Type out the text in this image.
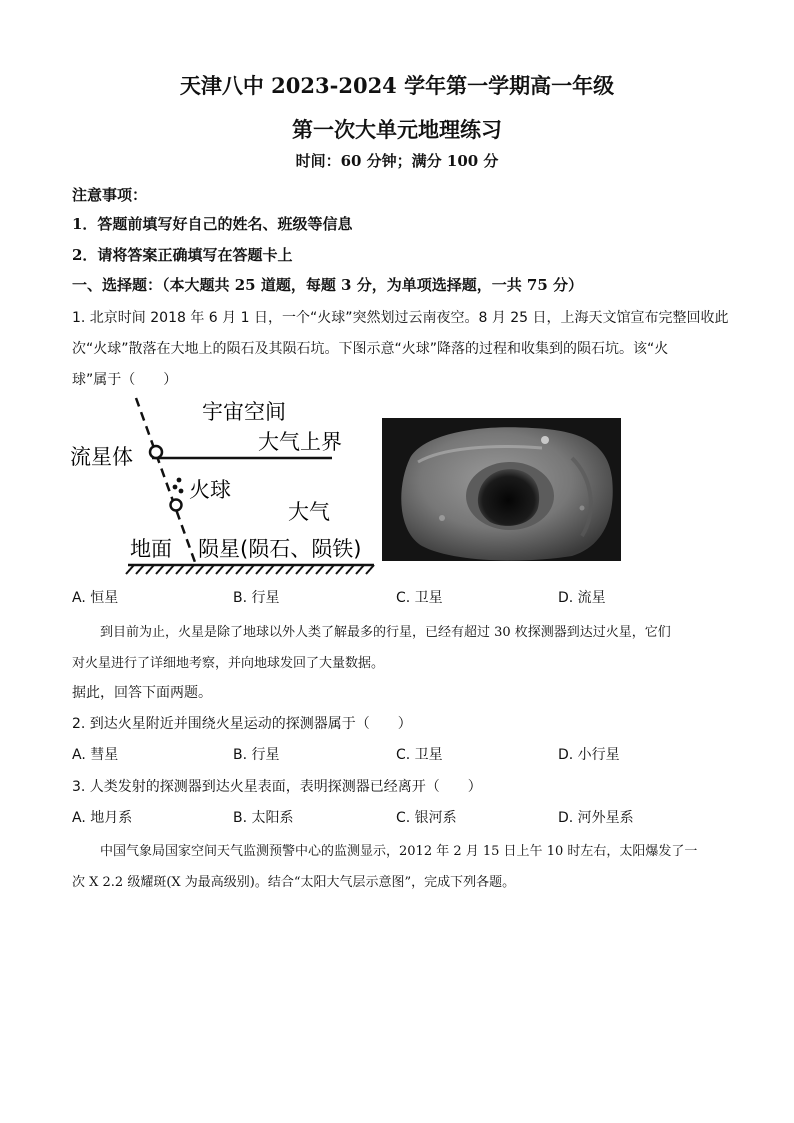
天津八中 2023-2024 学年第一学期高一年级
第一次大单元地理练习
时间：60 分钟；满分 100 分
注意事项：
1．答题前填写好自己的姓名、班级等信息
2．请将答案正确填写在答题卡上
一、选择题：（本大题共 25 道题，每题 3 分，为单项选择题，一共 75 分）
1. 北京时间 2018 年 6 月 1 日，一个“火球”突然划过云南夜空。8 月 25 日，上海天文馆宣布完整回收此
次“火球”散落在大地上的陨石及其陨石坑。下图示意“火球”降落的过程和收集到的陨石坑。该“火
球”属于（　　）
宇宙空间
大气上界
流星体
火球
大气
地面 陨星(陨石、陨铁)
A. 恒星	B. 行星	C. 卫星	D. 流星
到目前为止，火星是除了地球以外人类了解最多的行星，已经有超过 30 枚探测器到达过火星，它们
对火星进行了详细地考察，并向地球发回了大量数据。
据此，回答下面两题。
2. 到达火星附近并围绕火星运动的探测器属于（　　）
A. 彗星	B. 行星	C. 卫星	D. 小行星
3. 人类发射的探测器到达火星表面，表明探测器已经离开（　　）
A. 地月系	B. 太阳系	C. 银河系	D. 河外星系
中国气象局国家空间天气监测预警中心的监测显示，2012 年 2 月 15 日上午 10 时左右，太阳爆发了一
次 X 2.2 级耀斑(X 为最高级别)。结合“太阳大气层示意图”，完成下列各题。
